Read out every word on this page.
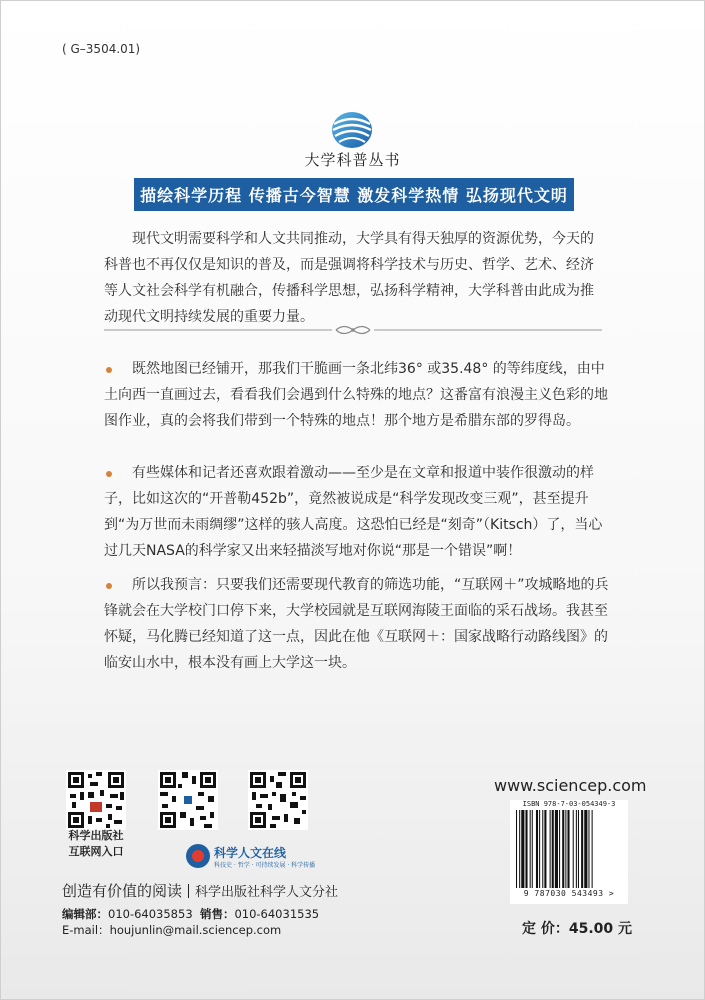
( G–3504.01)
大学科普丛书
描绘科学历程 传播古今智慧 激发科学热情 弘扬现代文明

现代文明需要科学和人文共同推动，大学具有得天独厚的资源优势，今天的科普也不再仅仅是知识的普及，而是强调将科学技术与历史、哲学、艺术、经济等人文社会科学有机融合，传播科学思想，弘扬科学精神，大学科普由此成为推动现代文明持续发展的重要力量。

既然地图已经铺开，那我们干脆画一条北纬36° 或35.48° 的等纬度线，由中土向西一直画过去，看看我们会遇到什么特殊的地点？这番富有浪漫主义色彩的地图作业，真的会将我们带到一个特殊的地点！那个地方是希腊东部的罗得岛。
有些媒体和记者还喜欢跟着激动——至少是在文章和报道中装作很激动的样子，比如这次的“开普勒452b”，竟然被说成是“科学发现改变三观”，甚至提升到“为万世而未雨绸缪”这样的骇人高度。这恐怕已经是“刻奇”（Kitsch）了，当心过几天NASA的科学家又出来轻描淡写地对你说“那是一个错误”啊！
所以我预言：只要我们还需要现代教育的筛选功能，“互联网＋”攻城略地的兵锋就会在大学校门口停下来，大学校园就是互联网海陵王面临的采石战场。我甚至怀疑，马化腾已经知道了这一点，因此在他《互联网＋：国家战略行动路线图》的临安山水中，根本没有画上大学这一块。
科学出版社
互联网入口	科学人文在线
科技史 · 哲学 · 可持续发展 · 科学传播
创造有价值的阅读 科学出版社科学人文分社
编辑部：010-64035853 销售：010-64031535
E-mail：houjunlin@mail.sciencep.com
www.sciencep.com
ISBN 978-7-03-054349-3
9 787030 543493 >
定 价：45.00 元
